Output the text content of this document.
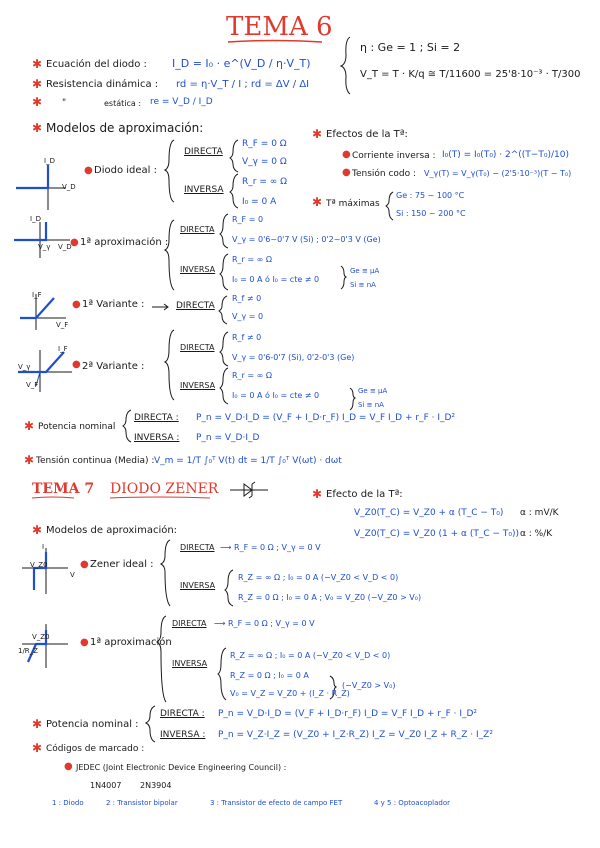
TEMA 6
✱ Ecuación del diodo : I_D = I₀ · e^(V_D / η·V_T)
✱ Resistencia dinámica : rd = η·V_T / I ; rd = ΔV / ΔI
✱ "	estática : re = V_D / I_D
η : Ge = 1 ; Si = 2
V_T = T · K/q ≅ T/11600 = 25'8·10⁻³ · T/300
✱ Modelos de aproximación:
I_D
V_D
● Diodo ideal :
DIRECTA
R_F = 0 Ω
V_γ = 0 Ω
INVERSA
R_r = ∞ Ω
I₀ = 0 A
✱ Efectos de la Tª:
● Corriente inversa : I₀(T) = I₀(T₀) · 2^((T−T₀)/10)
● Tensión codo : V_γ(T) = V_γ(T₀) − (2'5·10⁻³)(T − T₀)
✱ Tª máximas
Ge : 75 ~ 100 °C
Si : 150 ~ 200 °C
I_D
V_γ V_D
● 1ª aproximación :
DIRECTA
R_F = 0
V_γ = 0'6~0'7 V (Si) ; 0'2~0'3 V (Ge)
INVERSA
R_r = ∞ Ω
I₀ = 0 A ó I₀ = cte ≠ 0
Ge ≅ μA
Si ≅ nA
I_F
V_F
● 1ª Variante :	DIRECTA
R_f ≠ 0
V_γ = 0
I_F
V_γ
V_F
● 2ª Variante :
DIRECTA
R_f ≠ 0
V_γ = 0'6-0'7 (Si), 0'2-0'3 (Ge)
INVERSA
R_r = ∞ Ω
I₀ = 0 A ó I₀ = cte ≠ 0	Ge ≅ μA
Si ≅ nA
✱ Potencia nominal
DIRECTA : P_n = V_D·I_D = (V_F + I_D·r_F) I_D = V_F I_D + r_F · I_D²
INVERSA : P_n = V_D·I_D
✱ Tensión continua (Media) : V_m = 1/T ∫₀ᵀ V(t) dt = 1/T ∫₀ᵀ V(ωt) · dωt
TEMA 7 DIODO ZENER	✱ Efecto de la Tª:
V_Z0(T_C) = V_Z0 + α (T_C − T₀) α : mV/K
V_Z0(T_C) = V_Z0 (1 + α (T_C − T₀)) α : %/K
✱ Modelos de aproximación:
I
V_Z0
V
● Zener ideal :
DIRECTA ⟶ R_F = 0 Ω ; V_γ = 0 V
INVERSA
R_Z = ∞ Ω ; I₀ = 0 A (−V_Z0 < V_D < 0)
R_Z = 0 Ω ; I₀ = 0 A ; V₀ = V_Z0 (−V_Z0 > V₀)
V_Z0
1/R_Z
● 1ª aproximación
DIRECTA ⟶ R_F = 0 Ω ; V_γ = 0 V
INVERSA
R_Z = ∞ Ω ; I₀ = 0 A (−V_Z0 < V_D < 0)
R_Z = 0 Ω ; I₀ = 0 A
V₀ = V_Z = V_Z0 + (I_Z · R_Z)
(−V_Z0 > V₀)
✱ Potencia nominal :
DIRECTA : P_n = V_D·I_D = (V_F + I_D·r_F) I_D = V_F I_D + r_F · I_D²
INVERSA : P_n = V_Z·I_Z = (V_Z0 + I_Z·R_Z) I_Z = V_Z0 I_Z + R_Z · I_Z²
✱ Códigos de marcado :
● JEDEC (Joint Electronic Device Engineering Council) :
1N4007 2N3904
1 : Diodo	2 : Transistor bipolar	3 : Transistor de efecto de campo FET	4 y 5 : Optoacoplador
